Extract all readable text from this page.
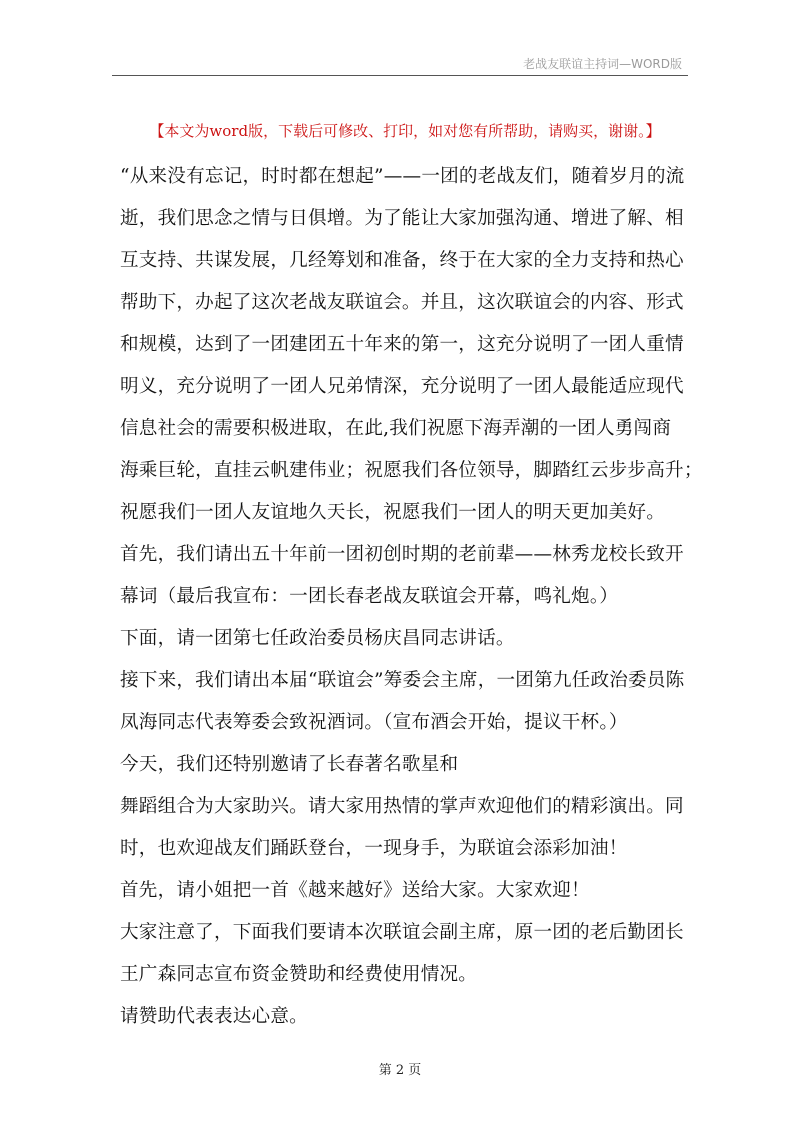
老战友联谊主持词—WORD版
【本文为word版，下载后可修改、打印，如对您有所帮助，请购买，谢谢。】
“从来没有忘记，时时都在想起”——一团的老战友们，随着岁月的流
逝，我们思念之情与日俱增。为了能让大家加强沟通、增进了解、相
互支持、共谋发展，几经筹划和准备，终于在大家的全力支持和热心
帮助下，办起了这次老战友联谊会。并且，这次联谊会的内容、形式
和规模，达到了一团建团五十年来的第一，这充分说明了一团人重情
明义，充分说明了一团人兄弟情深，充分说明了一团人最能适应现代
信息社会的需要积极进取，在此,我们祝愿下海弄潮的一团人勇闯商
海乘巨轮，直挂云帆建伟业；祝愿我们各位领导，脚踏红云步步高升；
祝愿我们一团人友谊地久天长，祝愿我们一团人的明天更加美好。
首先，我们请出五十年前一团初创时期的老前辈——林秀龙校长致开
幕词（最后我宣布：一团长春老战友联谊会开幕，鸣礼炮。）
下面，请一团第七任政治委员杨庆昌同志讲话。
接下来，我们请出本届“联谊会”筹委会主席，一团第九任政治委员陈
凤海同志代表筹委会致祝酒词。（宣布酒会开始，提议干杯。）
今天，我们还特别邀请了长春著名歌星和
舞蹈组合为大家助兴。请大家用热情的掌声欢迎他们的精彩演出。同
时，也欢迎战友们踊跃登台，一现身手，为联谊会添彩加油！
首先，请小姐把一首《越来越好》送给大家。大家欢迎！
大家注意了，下面我们要请本次联谊会副主席，原一团的老后勤团长
王广森同志宣布资金赞助和经费使用情况。
请赞助代表表达心意。
第 2 页
